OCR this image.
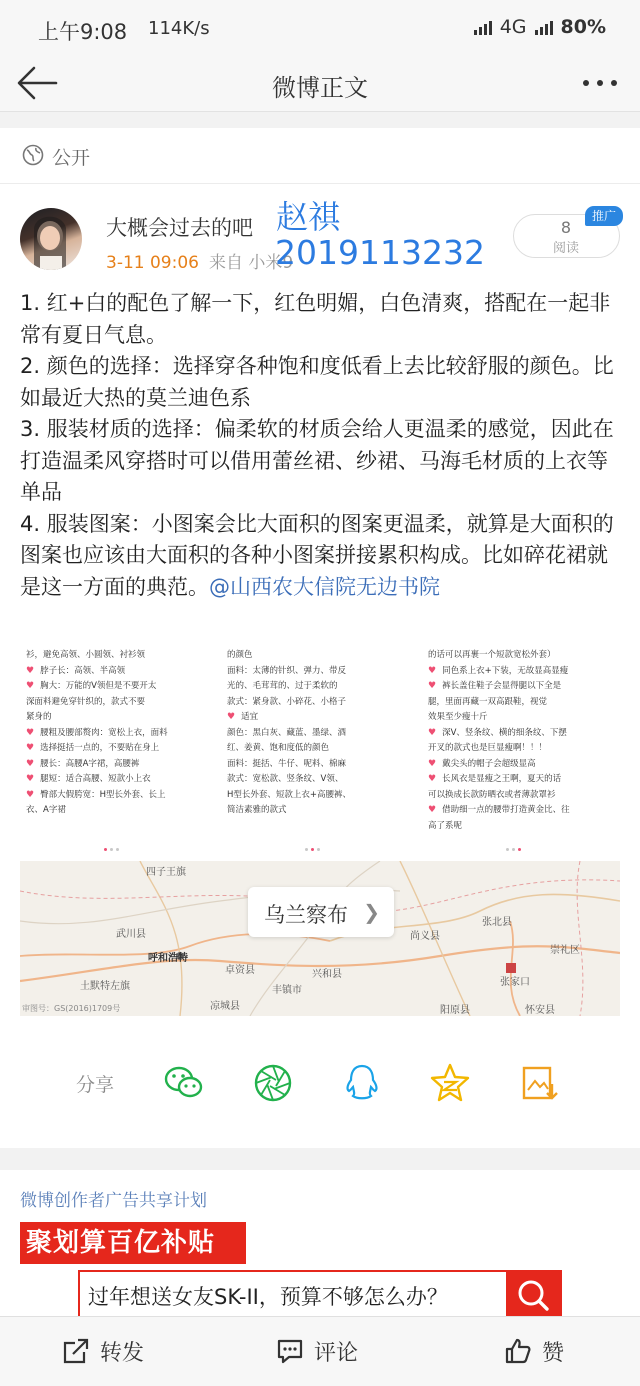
上午9:08 114K/s	4G 80%
微博正文
公开
大概会过去的吧
3-11 09:06 来自 小米9
赵祺
2019113232
8
阅读
推广

1. 红+白的配色了解一下，红色明媚，白色清爽，搭配在一起非常有夏日气息。

2. 颜色的选择：选择穿各种饱和度低看上去比较舒服的颜色。比如最近大热的莫兰迪色系

3. 服装材质的选择：偏柔软的材质会给人更温柔的感觉，因此在打造温柔风穿搭时可以借用蕾丝裙、纱裙、马海毛材质的上衣等单品

4. 服装图案：小图案会比大面积的图案更温柔，就算是大面积的图案也应该由大面积的各种小图案拼接累积构成。比如碎花裙就是这一方面的典范。@山西农大信院无边书院

衫，避免高领、小圆领、衬衫领
♥ 脖子长：高领、半高领
♥ 胸大：万能的V领但是不要开太
深面料避免穿针织的，款式不要
紧身的
♥ 腰粗及腰部赘肉：宽松上衣，面料
♥ 选择挺括一点的，不要贴在身上
♥ 腰长：高腰A字裙，高腰裤
♥ 腿短：适合高腰、短款小上衣
♥ 臀部大假胯宽：H型长外套、长上
衣、A字裙
的颜色
面料：太薄的针织、弹力、带反
光的、毛茸茸的、过于柔软的
款式：紧身款、小碎花、小格子
♥ 适宜
颜色：黑白灰、藏蓝、墨绿、酒
红、姜黄、饱和度低的颜色
面料：挺括、牛仔、呢料、棉麻
款式：宽松款、竖条纹、V领、
H型长外套、短款上衣+高腰裤、
简洁素雅的款式
的话可以再裹一个短款宽松外套）
♥ 同色系上衣+下装，无故显高显瘦
♥ 裤长盖住鞋子会显得腿以下全是
腿，里面再藏一双高跟鞋，视觉
效果至少瘦十斤
♥ 深V、竖条纹、横的细条纹、下摆
开叉的款式也是巨显瘦啊！！！
♥ 戴尖头的帽子会超级显高
♥ 长风衣是显瘦之王啊，夏天的话
可以换成长款防晒衣或者薄款罩衫
♥ 借助细一点的腰带打造黄金比、往
高了系呢
四子王旗
武川县
呼和浩特
土默特左旗	张家口
张北县
兴和县
丰镇市
凉城县
尚义县
阳原县	怀安县
崇礼区
卓资县
乌兰察布 ❯
审图号：GS(2016)1709号
分享
微博创作者广告共享计划
聚划算百亿补贴
过年想送女友SK-II，预算不够怎么办？
转发	评论	赞
